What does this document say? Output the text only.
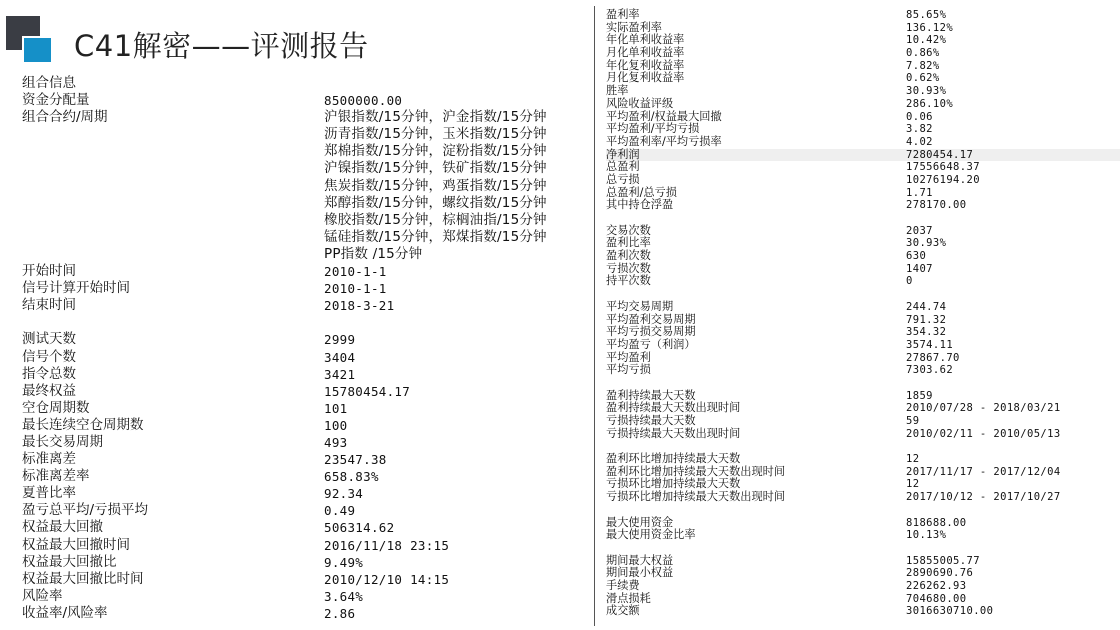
C41解密——评测报告
组合信息
资金分配量	8500000.00
组合合约/周期	沪银指数/15分钟，沪金指数/15分钟
沥青指数/15分钟，玉米指数/15分钟
郑棉指数/15分钟，淀粉指数/15分钟
沪镍指数/15分钟，铁矿指数/15分钟
焦炭指数/15分钟，鸡蛋指数/15分钟
郑醇指数/15分钟，螺纹指数/15分钟
橡胶指数/15分钟，棕榈油指/15分钟
锰硅指数/15分钟，郑煤指数/15分钟
PP指数 /15分钟
开始时间	2010-1-1
信号计算开始时间	2010-1-1
结束时间	2018-3-21
测试天数	2999
信号个数	3404
指令总数	3421
最终权益	15780454.17
空仓周期数	101
最长连续空仓周期数	100
最长交易周期	493
标准离差	23547.38
标准离差率	658.83%
夏普比率	92.34
盈亏总平均/亏损平均	0.49
权益最大回撤	506314.62
权益最大回撤时间	2016/11/18 23:15
权益最大回撤比	9.49%
权益最大回撤比时间	2010/12/10 14:15
风险率	3.64%
收益率/风险率	2.86
盈利率	85.65%
实际盈利率	136.12%
年化单利收益率	10.42%
月化单利收益率	0.86%
年化复利收益率	7.82%
月化复利收益率	0.62%
胜率	30.93%
风险收益评级	286.10%
平均盈利/权益最大回撤	0.06
平均盈利/平均亏损	3.82
平均盈利率/平均亏损率	4.02
净利润	7280454.17
总盈利	17556648.37
总亏损	10276194.20
总盈利/总亏损	1.71
其中持仓浮盈	278170.00
交易次数	2037
盈利比率	30.93%
盈利次数	630
亏损次数	1407
持平次数	0
平均交易周期	244.74
平均盈利交易周期	791.32
平均亏损交易周期	354.32
平均盈亏（利润）	3574.11
平均盈利	27867.70
平均亏损	7303.62
盈利持续最大天数	1859
盈利持续最大天数出现时间	2010/07/28 - 2018/03/21
亏损持续最大天数	59
亏损持续最大天数出现时间	2010/02/11 - 2010/05/13
盈利环比增加持续最大天数	12
盈利环比增加持续最大天数出现时间	2017/11/17 - 2017/12/04
亏损环比增加持续最大天数	12
亏损环比增加持续最大天数出现时间	2017/10/12 - 2017/10/27
最大使用资金	818688.00
最大使用资金比率	10.13%
期间最大权益	15855005.77
期间最小权益	2890690.76
手续费	226262.93
滑点损耗	704680.00
成交额	3016630710.00
